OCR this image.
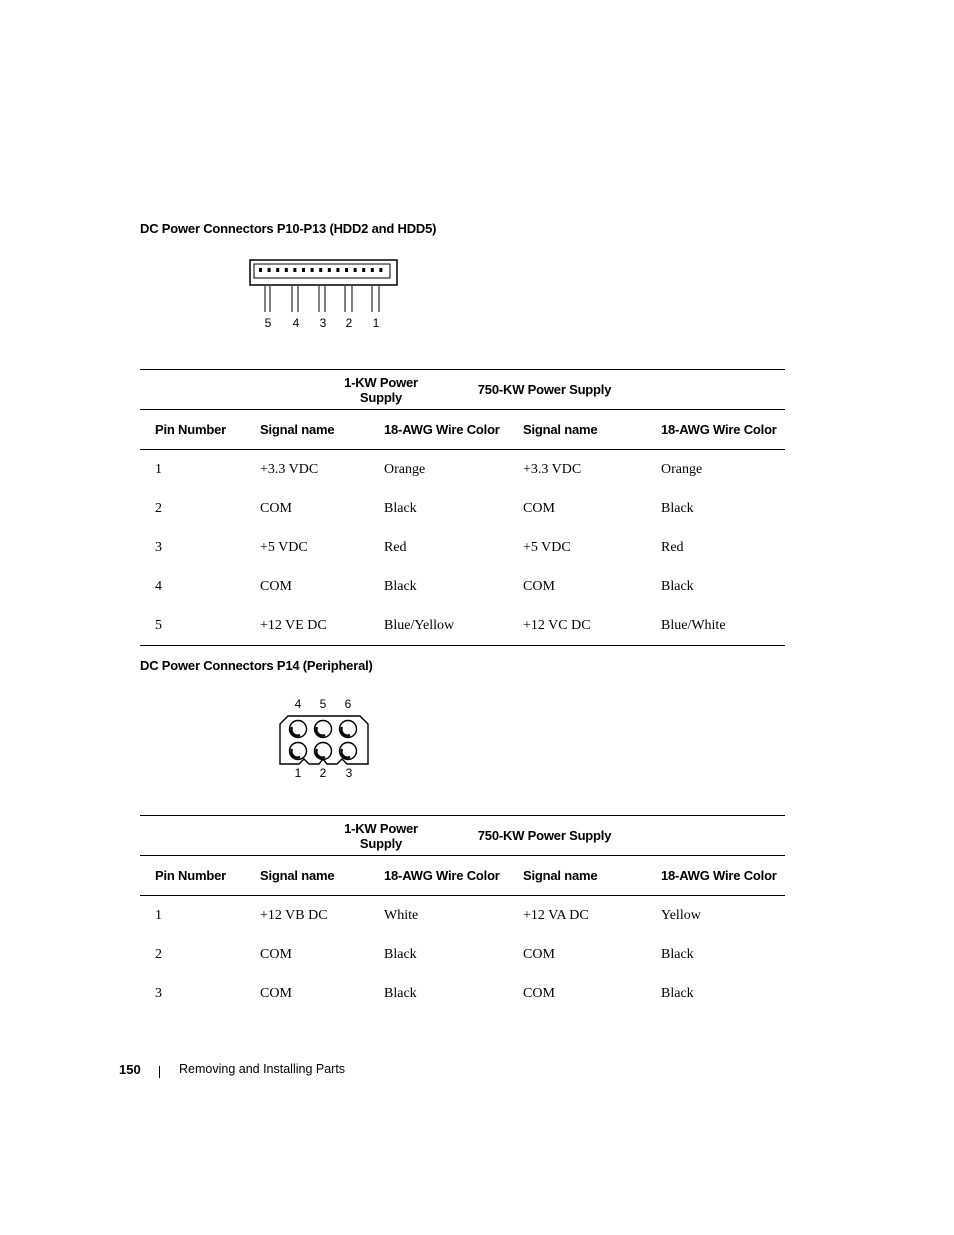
DC Power Connectors P10-P13 (HDD2 and HDD5)
5 4 3 2 1
1-KW Power Supply		750-KW Power Supply		
Pin Number	Signal name	18-AWG Wire Color	Signal name	18-AWG Wire Color
1	+3.3 VDC	Orange	+3.3 VDC	Orange
2	COM	Black	COM	Black
3	+5 VDC	Red	+5 VDC	Red
4	COM	Black	COM	Black
5	+12 VE DC	Blue/Yellow	+12 VC DC	Blue/White
DC Power Connectors P14 (Peripheral)
4 5 6
1 2 3
1-KW Power Supply		750-KW Power Supply		
Pin Number	Signal name	18-AWG Wire Color	Signal name	18-AWG Wire Color
1	+12 VB DC	White	+12 VA DC	Yellow
2	COM	Black	COM	Black
3	COM	Black	COM	Black
150	Removing and Installing Parts
